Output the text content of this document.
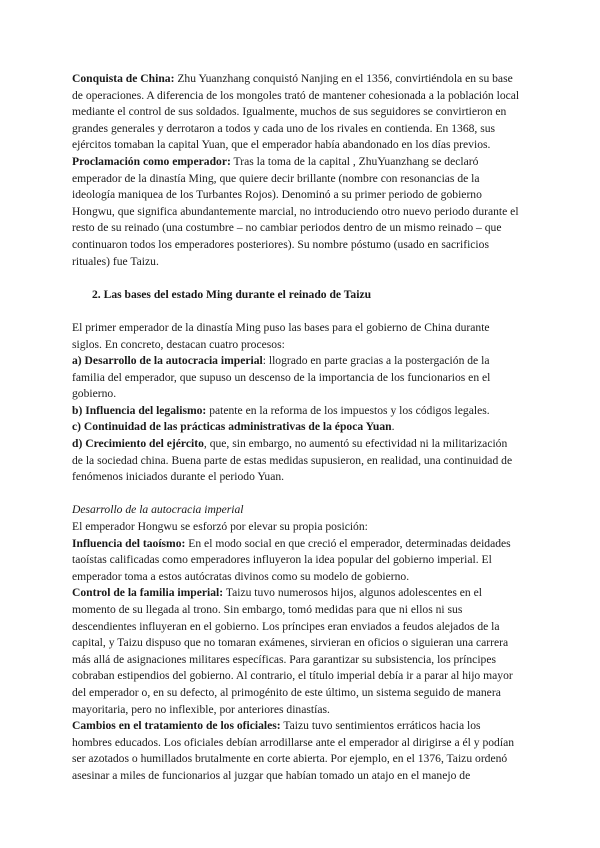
Conquista de China: Zhu Yuanzhang conquistó Nanjing en el 1356, convirtiéndola en su base de operaciones. A diferencia de los mongoles trató de mantener cohesionada a la población local mediante el control de sus soldados. Igualmente, muchos de sus seguidores se convirtieron en grandes generales y derrotaron a todos y cada uno de los rivales en contienda. En 1368, sus ejércitos tomaban la capital Yuan, que el emperador había abandonado en los días previos.

Proclamación como emperador: Tras la toma de la capital , ZhuYuanzhang se declaró emperador de la dinastía Ming, que quiere decir brillante (nombre con resonancias de la ideología maniquea de los Turbantes Rojos). Denominó a su primer periodo de gobierno Hongwu, que significa abundantemente marcial, no introduciendo otro nuevo periodo durante el resto de su reinado (una costumbre – no cambiar periodos dentro de un mismo reinado – que continuaron todos los emperadores posteriores). Su nombre póstumo (usado en sacrificios rituales) fue Taizu.

2. Las bases del estado Ming durante el reinado de Taizu

El primer emperador de la dinastía Ming puso las bases para el gobierno de China durante siglos. En concreto, destacan cuatro procesos:

a) Desarrollo de la autocracia imperial: llograd​o en parte gracias a la postergación de la familia del emperador, que supuso un descenso de la importancia de los funcionarios en el gobierno.

b) Influencia del legalismo: patente en la reforma de los impuestos y los códigos legales.

c) Continuidad de las prácticas administrativas de la época Yuan.

d) Crecimiento del ejército, que, sin embargo, no aumentó su efectividad ni la militarización de la sociedad china. Buena parte de estas medidas supusieron, en realidad, una continuidad de fenómenos iniciados durante el periodo Yuan.

Desarrollo de la autocracia imperial

El emperador Hongwu se esforzó por elevar su propia posición:

Influencia del taoísmo: En el modo social en que creció el emperador, determinadas deidades taoístas calificadas como emperadores influyeron la idea popular del gobierno imperial. El emperador toma a estos autócratas divinos como su modelo de gobierno.

Control de la familia imperial: Taizu tuvo numerosos hijos, algunos adolescentes en el momento de su llegada al trono. Sin embargo, tomó medidas para que ni ellos ni sus descendientes influyeran en el gobierno. Los príncipes eran enviados a feudos alejados de la capital, y Taizu dispuso que no tomaran exámenes, sirvieran en oficios o siguieran una carrera más allá de asignaciones militares específicas. Para garantizar su subsistencia, los príncipes cobraban estipendios del gobierno. Al contrario, el título imperial debía ir a parar al hijo mayor del emperador o, en su defecto, al primogénito de este último, un sistema seguido de manera mayoritaria, pero no inflexible, por anteriores dinastías.

Cambios en el tratamiento de los oficiales: Taizu tuvo sentimientos erráticos hacia los hombres educados. Los oficiales debían arrodillarse ante el emperador al dirigirse a él y podían ser azotados o humillados brutalmente en corte abierta. Por ejemplo, en el 1376, Taizu ordenó asesinar a miles de funcionarios al juzgar que habían tomado un atajo en el manejo de
